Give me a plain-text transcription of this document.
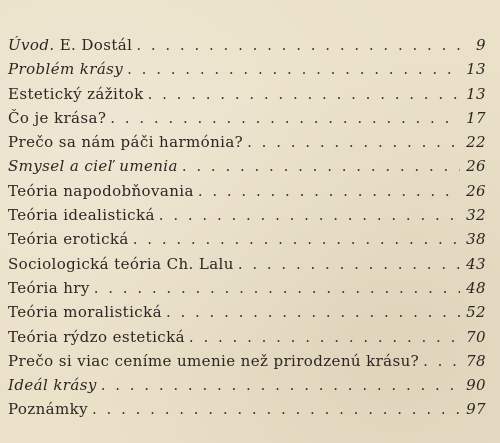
Úvod. E. Dostál . . .	9
Problém krásy . . .	13
Estetický zážitok . . .	13
Čo je krása? . . .	17
Prečo sa nám páči harmónia? . . .	22
Smysel a cieľ umenia . . .	26
Teória napodobňovania . . .	26
Teória idealistická . . .	32
Teória erotická . . .	38
Sociologická teória Ch. Lalu . . .	43
Teória hry . . .	48
Teória moralistická . . .	52
Teória rýdzo estetická . . .	70
Prečo si viac ceníme umenie než prirodzenú krásu? . . .	78
Ideál krásy . . .	90
Poznámky . . .	97
